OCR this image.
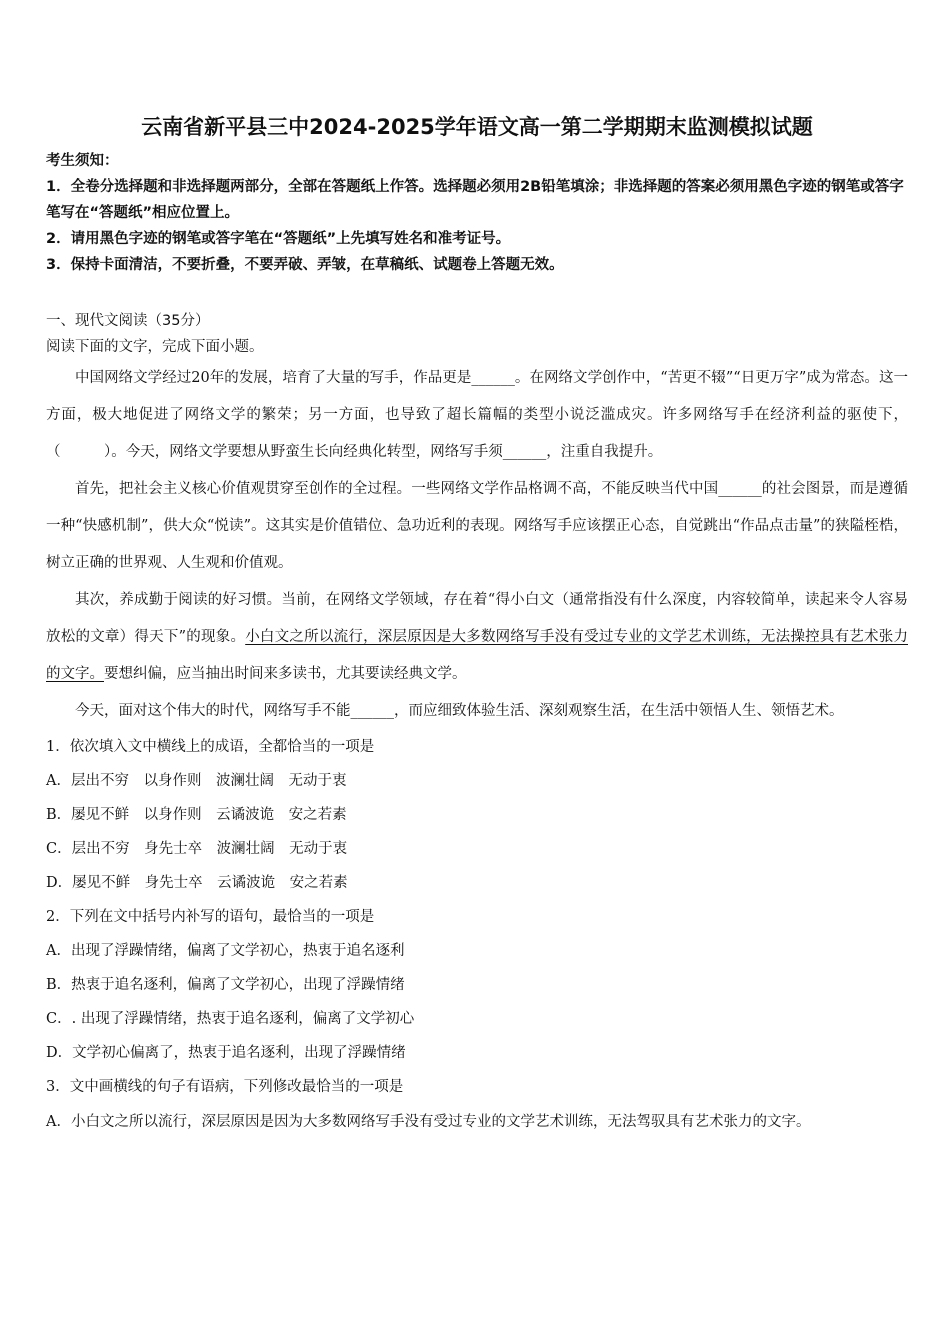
云南省新平县三中2024-2025学年语文高一第二学期期末监测模拟试题
考生须知：
1．全卷分选择题和非选择题两部分，全部在答题纸上作答。选择题必须用2B铅笔填涂；非选择题的答案必须用黑色字迹的钢笔或答字笔写在“答题纸”相应位置上。
2．请用黑色字迹的钢笔或答字笔在“答题纸”上先填写姓名和准考证号。
3．保持卡面清洁，不要折叠，不要弄破、弄皱，在草稿纸、试题卷上答题无效。
一、现代文阅读（35分）
阅读下面的文字，完成下面小题。

中国网络文学经过20年的发展，培育了大量的写手，作品更是______。在网络文学创作中，“苦更不辍”“日更万字”成为常态。这一方面，极大地促进了网络文学的繁荣；另一方面，也导致了超长篇幅的类型小说泛滥成灾。许多网络写手在经济利益的驱使下，（　　　）。今天，网络文学要想从野蛮生长向经典化转型，网络写手须______，注重自我提升。

首先，把社会主义核心价值观贯穿至创作的全过程。一些网络文学作品格调不高，不能反映当代中国______的社会图景，而是遵循一种“快感机制”，供大众“悦读”。这其实是价值错位、急功近利的表现。网络写手应该摆正心态，自觉跳出“作品点击量”的狭隘桎梏，树立正确的世界观、人生观和价值观。

其次，养成勤于阅读的好习惯。当前，在网络文学领域，存在着“得小白文（通常指没有什么深度，内容较简单，读起来令人容易放松的文章）得天下”的现象。小白文之所以流行，深层原因是大多数网络写手没有受过专业的文学艺术训练，无法操控具有艺术张力的文字。要想纠偏，应当抽出时间来多读书，尤其要读经典文学。

今天，面对这个伟大的时代，网络写手不能______，而应细致体验生活、深刻观察生活，在生活中领悟人生、领悟艺术。

1．依次填入文中横线上的成语，全都恰当的一项是
A．层出不穷　以身作则　波澜壮阔　无动于衷
B．屡见不鲜　以身作则　云谲波诡　安之若素
C．层出不穷　身先士卒　波澜壮阔　无动于衷
D．屡见不鲜　身先士卒　云谲波诡　安之若素
2．下列在文中括号内补写的语句，最恰当的一项是
A．出现了浮躁情绪，偏离了文学初心，热衷于追名逐利
B．热衷于追名逐利，偏离了文学初心，出现了浮躁情绪
C．. 出现了浮躁情绪，热衷于追名逐利，偏离了文学初心
D．文学初心偏离了，热衷于追名逐利，出现了浮躁情绪
3．文中画横线的句子有语病，下列修改最恰当的一项是
A．小白文之所以流行，深层原因是因为大多数网络写手没有受过专业的文学艺术训练，无法驾驭具有艺术张力的文字。
